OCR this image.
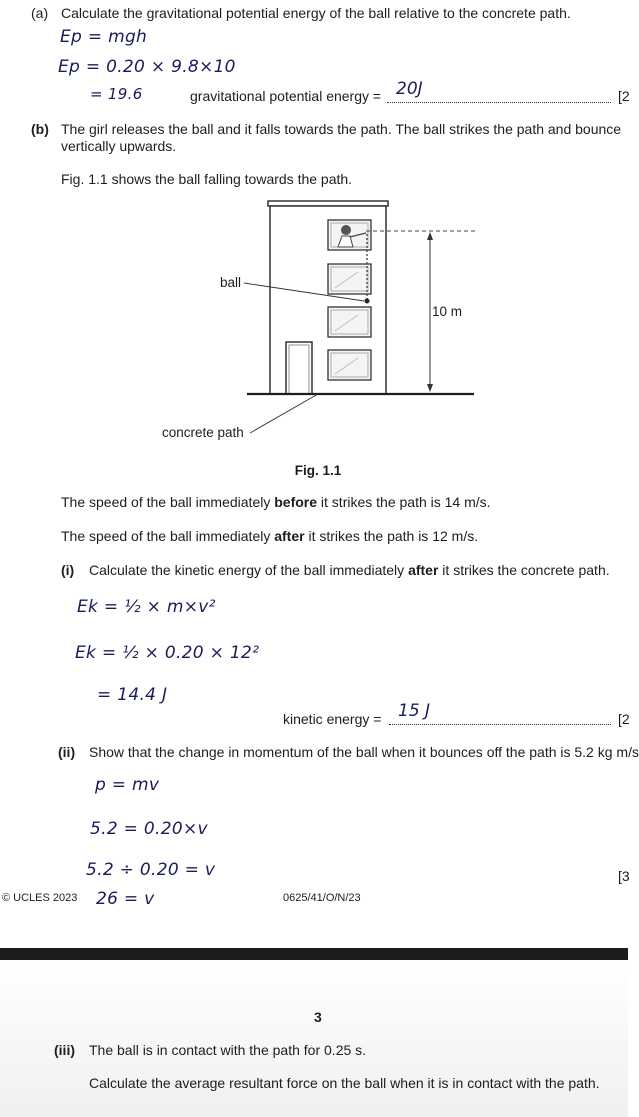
(a) Calculate the gravitational potential energy of the ball relative to the concrete path.
Ep = mgh
Ep = 0.20 × 9.8×10
= 19.6	gravitational potential energy = 20J	[2
(b) The girl releases the ball and it falls towards the path. The ball strikes the path and bounce
vertically upwards.
Fig. 1.1 shows the ball falling towards the path.
ball
10 m
concrete path
Fig. 1.1
The speed of the ball immediately before it strikes the path is 14 m/s.
The speed of the ball immediately after it strikes the path is 12 m/s.
(i) Calculate the kinetic energy of the ball immediately after it strikes the concrete path.
Ek = ½ × m×v²
Ek = ½ × 0.20 × 12²
= 14.4 J
kinetic energy = 15 J	[2
(ii) Show that the change in momentum of the ball when it bounces off the path is 5.2 kg m/s
p = mv
5.2 = 0.20×v
5.2 ÷ 0.20 = v	[3
26 = v
© UCLES 2023	0625/41/O/N/23
3
(iii) The ball is in contact with the path for 0.25 s.
Calculate the average resultant force on the ball when it is in contact with the path.
